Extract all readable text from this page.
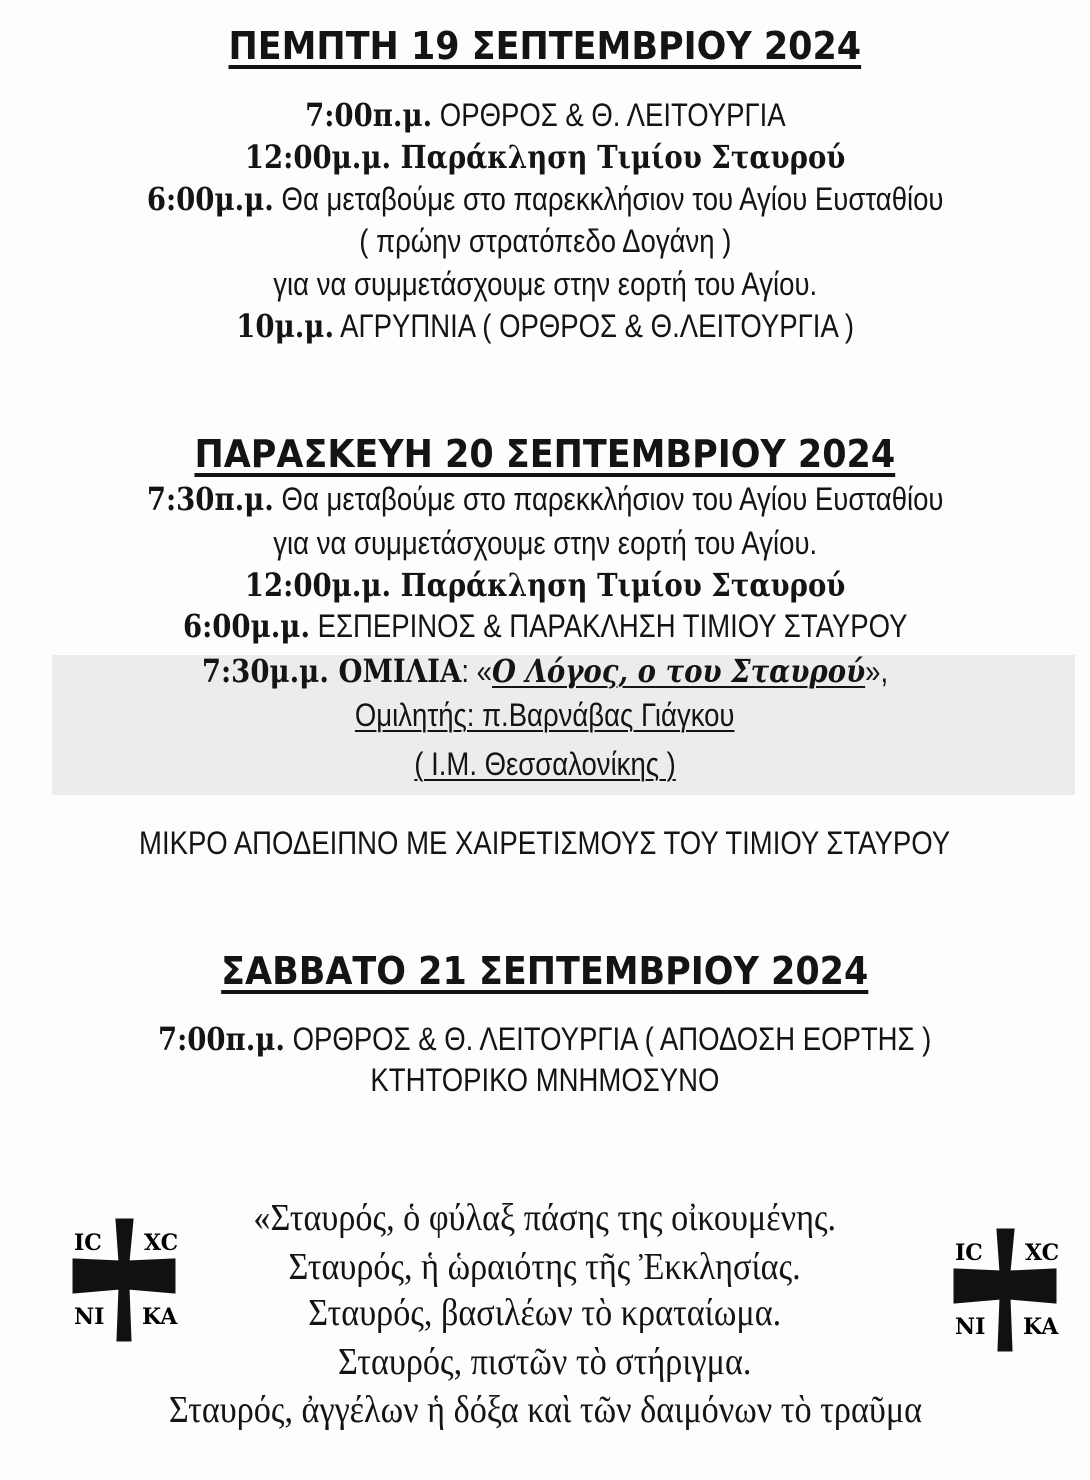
ΠΕΜΠΤΗ 19 ΣΕΠΤΕΜΒΡΙΟΥ 2024
7:00π.μ. ΟΡΘΡΟΣ & Θ. ΛΕΙΤΟΥΡΓΙΑ
12:00μ.μ. Παράκληση Τιμίου Σταυρού
6:00μ.μ. Θα μεταβούμε στο παρεκκλήσιον του Αγίου Ευσταθίου
( πρώην στρατόπεδο Δογάνη )
για να συμμετάσχουμε στην εορτή του Αγίου.
10μ.μ. ΑΓΡΥΠΝΙΑ ( ΟΡΘΡΟΣ & Θ.ΛΕΙΤΟΥΡΓΙΑ )
ΠΑΡΑΣΚΕΥΗ 20 ΣΕΠΤΕΜΒΡΙΟΥ 2024
7:30π.μ. Θα μεταβούμε στο παρεκκλήσιον του Αγίου Ευσταθίου
για να συμμετάσχουμε στην εορτή του Αγίου.
12:00μ.μ. Παράκληση Τιμίου Σταυρού
6:00μ.μ. ΕΣΠΕΡΙΝΟΣ & ΠΑΡΑΚΛΗΣΗ ΤΙΜΙΟΥ ΣΤΑΥΡΟΥ
7:30μ.μ. ΟΜΙΛΙΑ: «Ο Λόγος, ο του Σταυρού»,
Ομιλητής: π.Βαρνάβας Γιάγκου
( Ι.Μ. Θεσσαλονίκης )
ΜΙΚΡΟ ΑΠΟΔΕΙΠΝΟ ΜΕ ΧΑΙΡΕΤΙΣΜΟΥΣ ΤΟΥ ΤΙΜΙΟΥ ΣΤΑΥΡΟΥ
ΣΑΒΒΑΤΟ 21 ΣΕΠΤΕΜΒΡΙΟΥ 2024
7:00π.μ. ΟΡΘΡΟΣ & Θ. ΛΕΙΤΟΥΡΓΙΑ ( ΑΠΟΔΟΣΗ ΕΟΡΤΗΣ )
ΚΤΗΤΟΡΙΚΟ ΜΝΗΜΟΣΥΝΟ
«Σταυρός, ὁ φύλαξ πάσης της οἰκουμένης.
Σταυρός, ἡ ὡραιότης τῆς Ἐκκλησίας.
Σταυρός, βασιλέων τὸ κραταίωμα.
Σταυρός, πιστῶν τὸ στήριγμα.
Σταυρός, ἀγγέλων ἡ δόξα καὶ τῶν δαιμόνων τὸ τραῦμα
IC XC
NI KA
IC XC
NI KA
